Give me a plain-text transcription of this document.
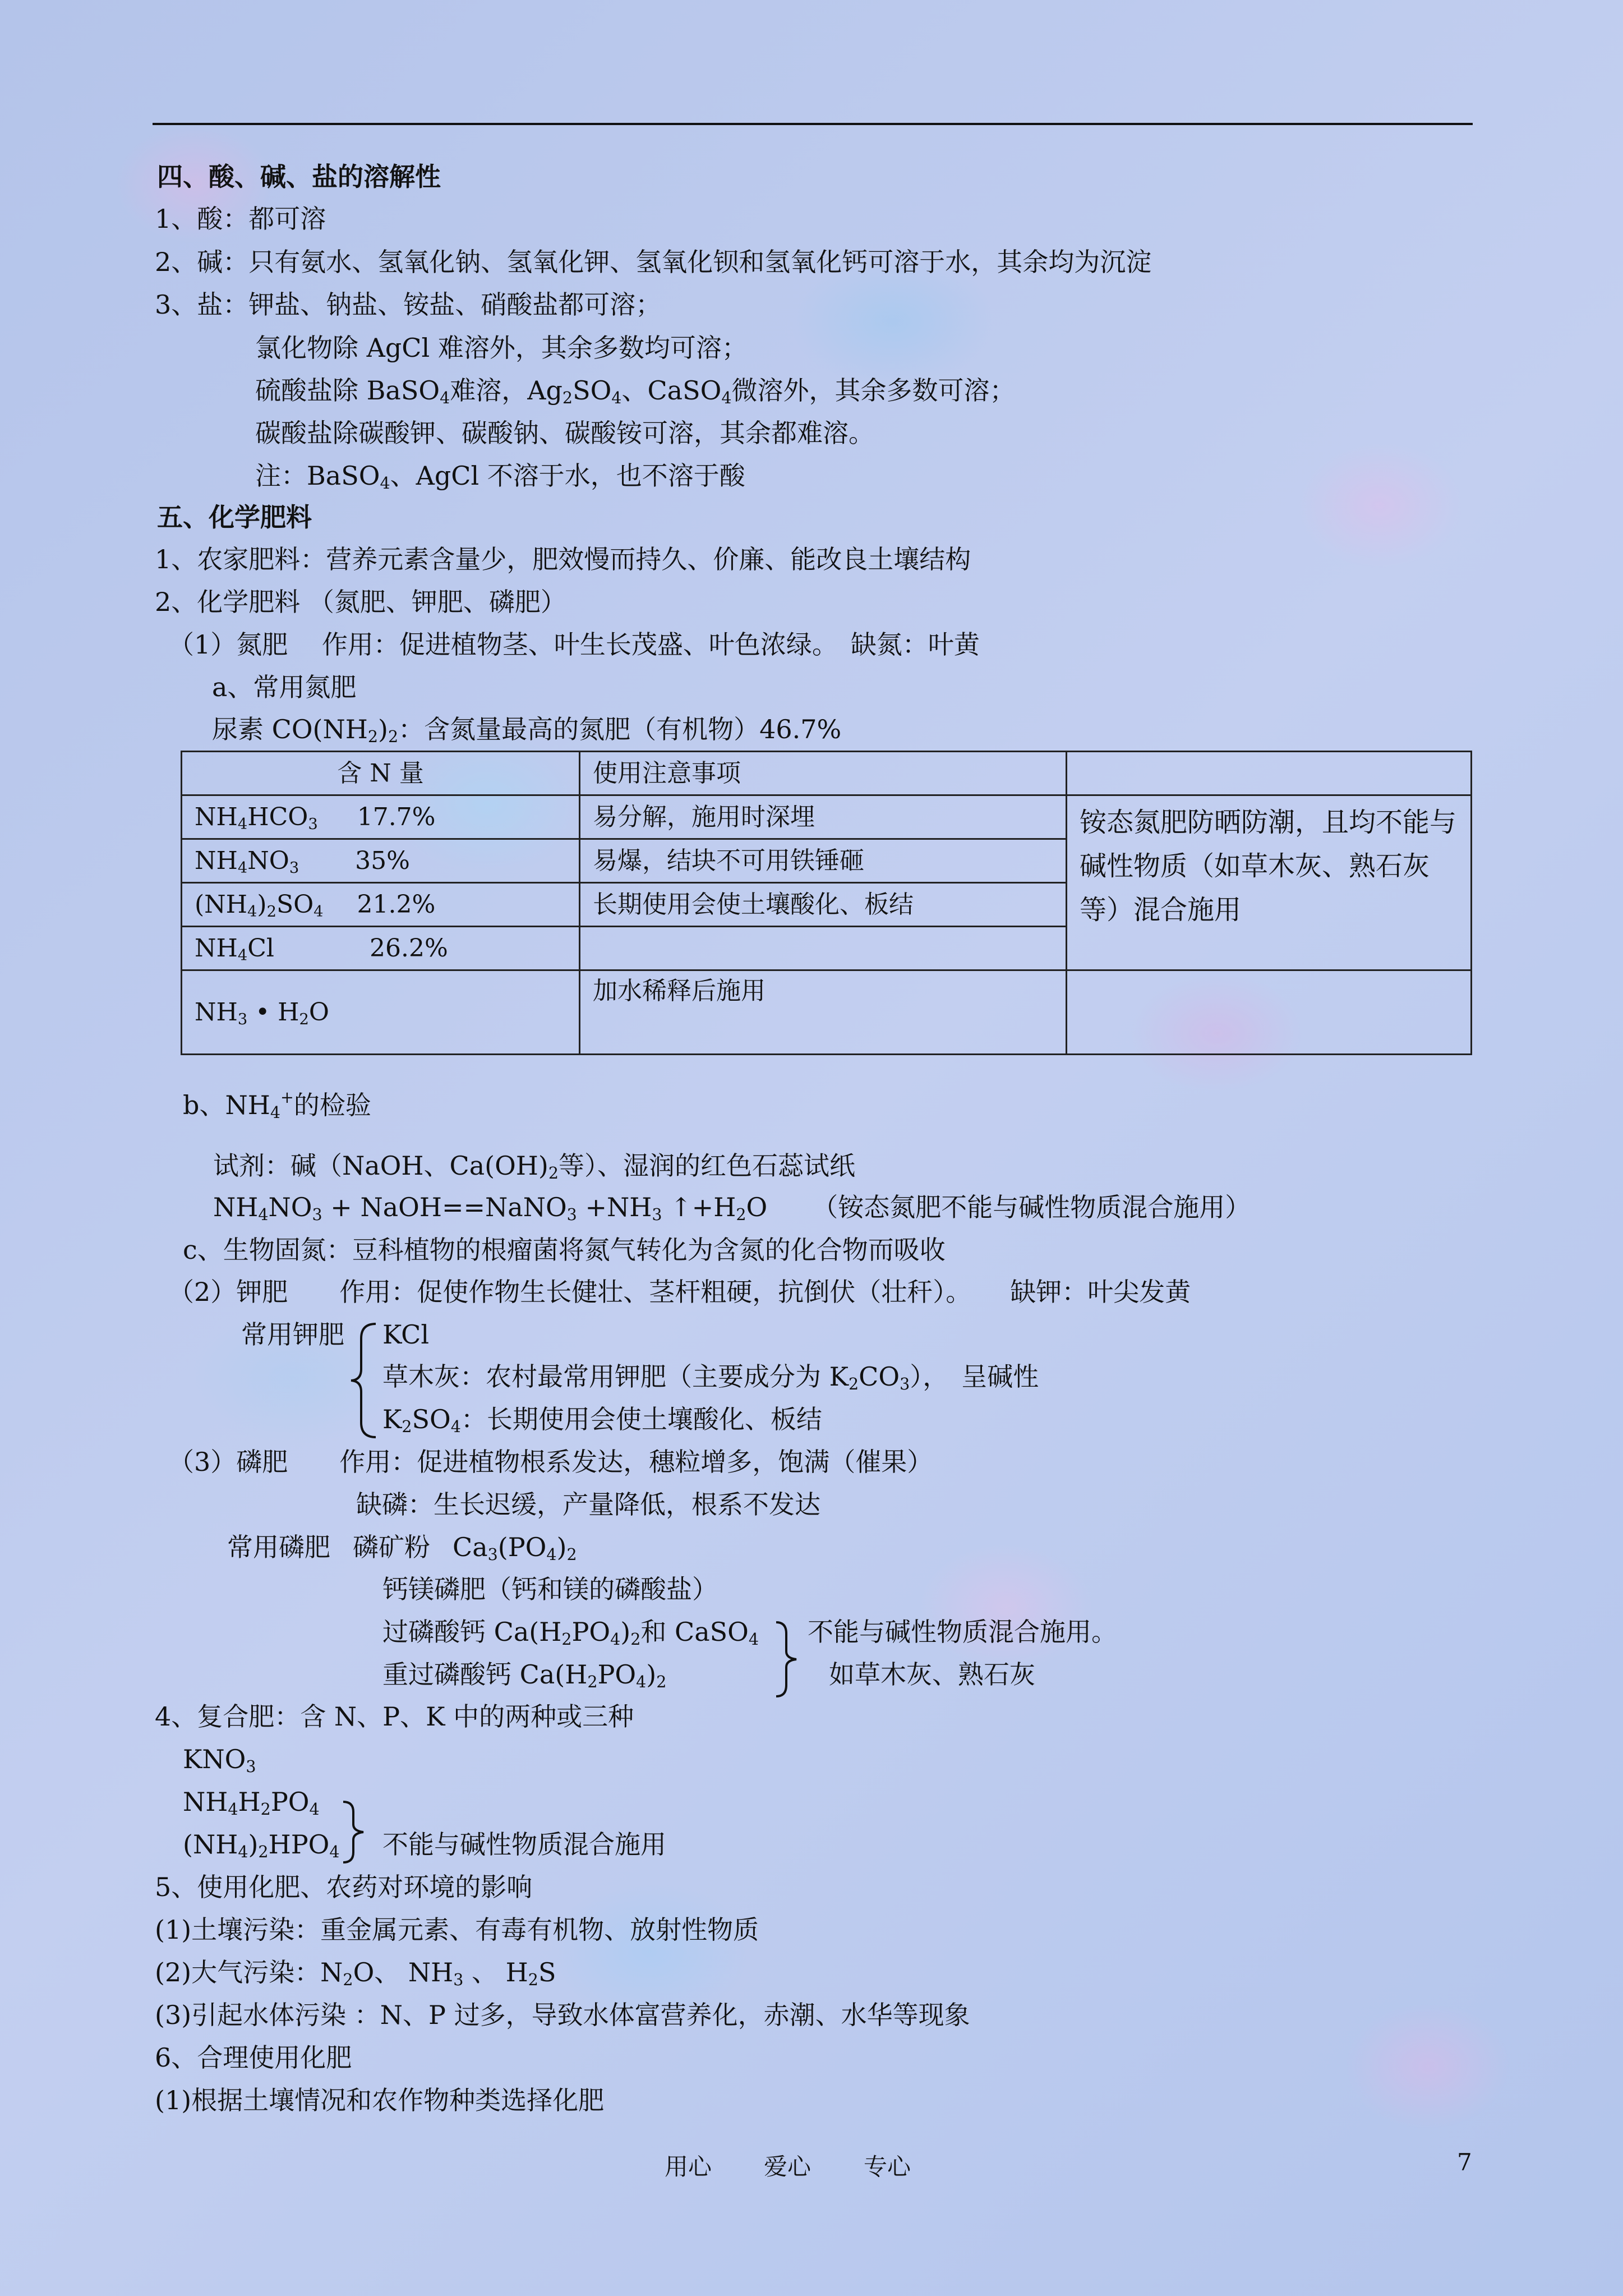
四、酸、碱、盐的溶解性
1、酸：都可溶
2、碱：只有氨水、氢氧化钠、氢氧化钾、氢氧化钡和氢氧化钙可溶于水，其余均为沉淀
3、盐：钾盐、钠盐、铵盐、硝酸盐都可溶；
氯化物除 AgCl 难溶外，其余多数均可溶；
硫酸盐除 BaSO$_4$难溶，$Ag_2SO_4$、CaSO$_4$微溶外，其余多数可溶；
碳酸盐除碳酸钾、碳酸钠、碳酸铵可溶，其余都难溶。
注：BaSO$_4$、AgCl 不溶于水，也不溶于酸
五、化学肥料
1、农家肥料：营养元素含量少，肥效慢而持久、价廉、能改良土壤结构
2、化学肥料 （氮肥、钾肥、磷肥）
（1）氮肥　 作用：促进植物茎、叶生长茂盛、叶色浓绿。　缺氮：叶黄
a、常用氮肥
尿素 $CO(NH_2)_2$：含氮量最高的氮肥（有机物）46.7%
含 N 量	使用注意事项	
$NH_4HCO_3$ 17.7%	易分解，施用时深埋	铵态氮肥防晒防潮，且均不能与碱性物质（如草木灰、熟石灰等）混合施用
$NH_4NO_3$ 35%	易爆，结块不可用铁锤砸	
$(NH_4)_2SO_4$ 21.2%	长期使用会使土壤酸化、板结	
$NH_4Cl$ 26.2%		
$NH_3$ • $H_2O$	加水稀释后施用	
b、$NH_4^+$的检验
试剂：碱（NaOH、$Ca(OH)_2$等）、湿润的红色石蕊试纸
$NH_4NO_3$ + NaOH==NaNO$_3$ $+NH_3$ $↑+H_2O$ （铵态氮肥不能与碱性物质混合施用）
c、生物固氮：豆科植物的根瘤菌将氮气转化为含氮的化合物而吸收
（2）钾肥　　作用：促使作物生长健壮、茎杆粗硬，抗倒伏（壮秆）。　　缺钾：叶尖发黄
常用钾肥 KCl
草木灰：农村最常用钾肥（主要成分为 $K_2CO_3$），　呈碱性
$K_2SO_4$：长期使用会使土壤酸化、板结
（3）磷肥　　作用：促进植物根系发达，穗粒增多，饱满（催果）
缺磷：生长迟缓，产量降低，根系不发达
常用磷肥 磷矿粉 $Ca_3(PO_4)_2$
钙镁磷肥（钙和镁的磷酸盐）
过磷酸钙 $Ca(H_2PO_4)_2$和 CaSO$_4$
重过磷酸钙 $Ca(H_2PO_4)_2$
不能与碱性物质混合施用。
如草木灰、熟石灰
4、复合肥：含 N、P、K 中的两种或三种
$KNO_3$
$NH_4H_2PO_4$
$(NH_4)_2HPO_4$ 不能与碱性物质混合施用
5、使用化肥、农药对环境的影响
(1)土壤污染：重金属元素、有毒有机物、放射性物质
(2)大气污染：$N_2O$、 $NH_3$ 、 $H_2S$
(3)引起水体污染 ：N、P 过多，导致水体富营养化，赤潮、水华等现象
6、合理使用化肥
(1)根据土壤情况和农作物种类选择化肥
用心 爱心 专心	7
